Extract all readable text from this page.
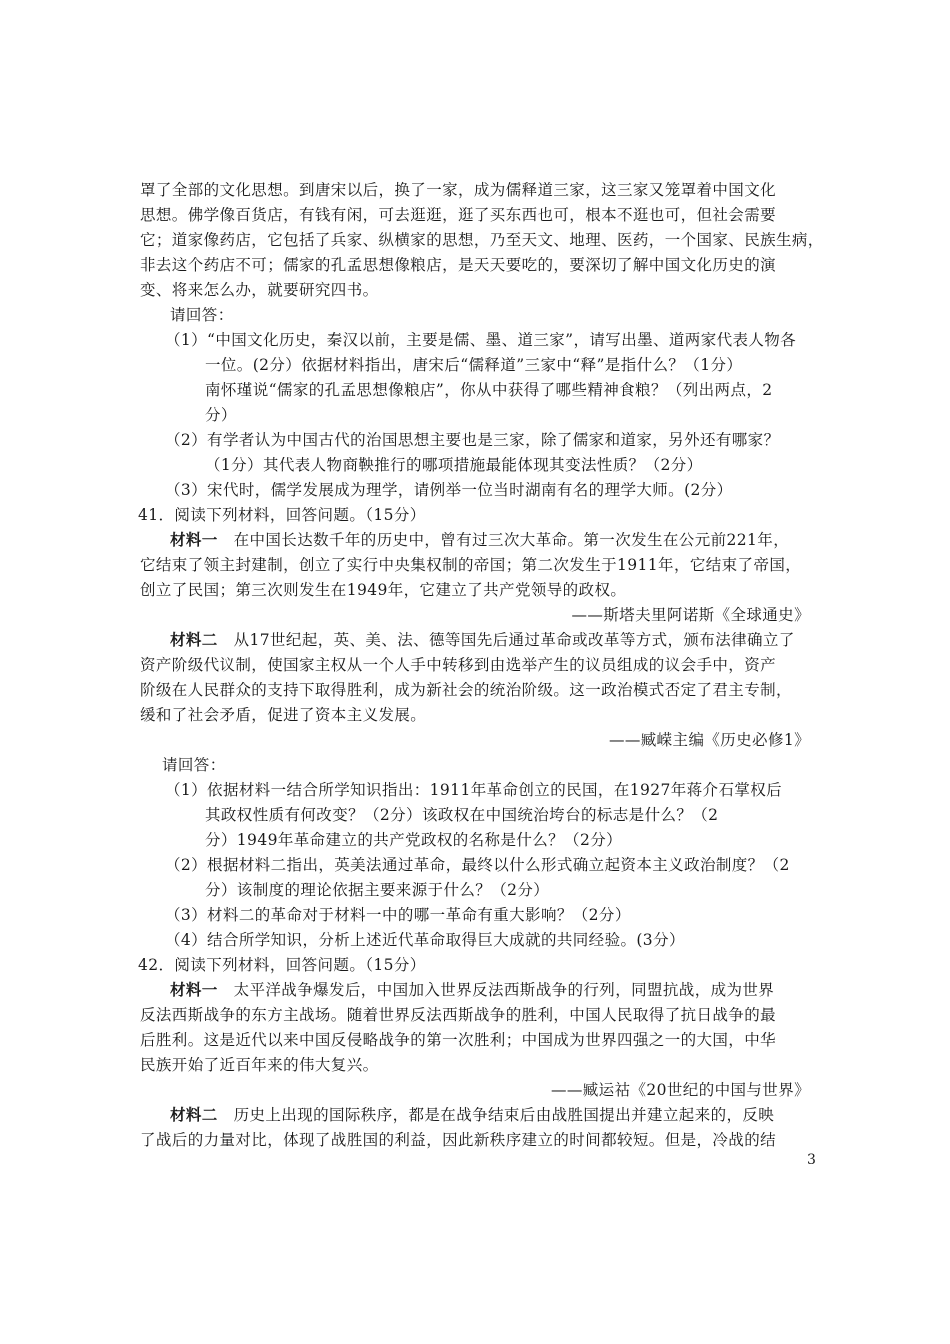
罩了全部的文化思想。到唐宋以后，换了一家，成为儒释道三家，这三家又笼罩着中国文化
思想。佛学像百货店，有钱有闲，可去逛逛，逛了买东西也可，根本不逛也可，但社会需要
它；道家像药店，它包括了兵家、纵横家的思想，乃至天文、地理、医药，一个国家、民族生病，
非去这个药店不可；儒家的孔孟思想像粮店，是天天要吃的，要深切了解中国文化历史的演
变、将来怎么办，就要研究四书。
请回答：
（1）“中国文化历史，秦汉以前，主要是儒、墨、道三家”，请写出墨、道两家代表人物各
一位。(2分）依据材料指出，唐宋后“儒释道”三家中“释”是指什么？（1分）
南怀瑾说“儒家的孔孟思想像粮店”，你从中获得了哪些精神食粮？（列出两点，2
分）
（2）有学者认为中国古代的治国思想主要也是三家，除了儒家和道家，另外还有哪家？
（1分）其代表人物商鞅推行的哪项措施最能体现其变法性质？（2分）
（3）宋代时，儒学发展成为理学，请例举一位当时湖南有名的理学大师。(2分）
41．阅读下列材料，回答问题。（15分）
材料一　 在中国长达数千年的历史中，曾有过三次大革命。第一次发生在公元前221年，
它结束了领主封建制，创立了实行中央集权制的帝国；第二次发生于1911年，它结束了帝国，
创立了民国；第三次则发生在1949年，它建立了共产党领导的政权。
——斯塔夫里阿诺斯《全球通史》
材料二　 从17世纪起，英、美、法、德等国先后通过革命或改革等方式，颁布法律确立了
资产阶级代议制，使国家主权从一个人手中转移到由选举产生的议员组成的议会手中，资产
阶级在人民群众的支持下取得胜利，成为新社会的统治阶级。这一政治模式否定了君主专制，
缓和了社会矛盾，促进了资本主义发展。
——臧嵘主编《历史必修1》
请回答：
（1）依据材料一结合所学知识指出：1911年革命创立的民国，在1927年蒋介石掌权后
其政权性质有何改变？（2分）该政权在中国统治垮台的标志是什么？（2
分）1949年革命建立的共产党政权的名称是什么？（2分）
（2）根据材料二指出，英美法通过革命，最终以什么形式确立起资本主义政治制度？（2
分）该制度的理论依据主要来源于什么？（2分）
（3）材料二的革命对于材料一中的哪一革命有重大影响？（2分）
（4）结合所学知识，分析上述近代革命取得巨大成就的共同经验。(3分）
42．阅读下列材料，回答问题。（15分）
材料一　 太平洋战争爆发后，中国加入世界反法西斯战争的行列，同盟抗战，成为世界
反法西斯战争的东方主战场。随着世界反法西斯战争的胜利，中国人民取得了抗日战争的最
后胜利。这是近代以来中国反侵略战争的第一次胜利；中国成为世界四强之一的大国，中华
民族开始了近百年来的伟大复兴。
——臧运祜《20世纪的中国与世界》
材料二　 历史上出现的国际秩序，都是在战争结束后由战胜国提出并建立起来的，反映
了战后的力量对比，体现了战胜国的利益，因此新秩序建立的时间都较短。但是，冷战的结
3
